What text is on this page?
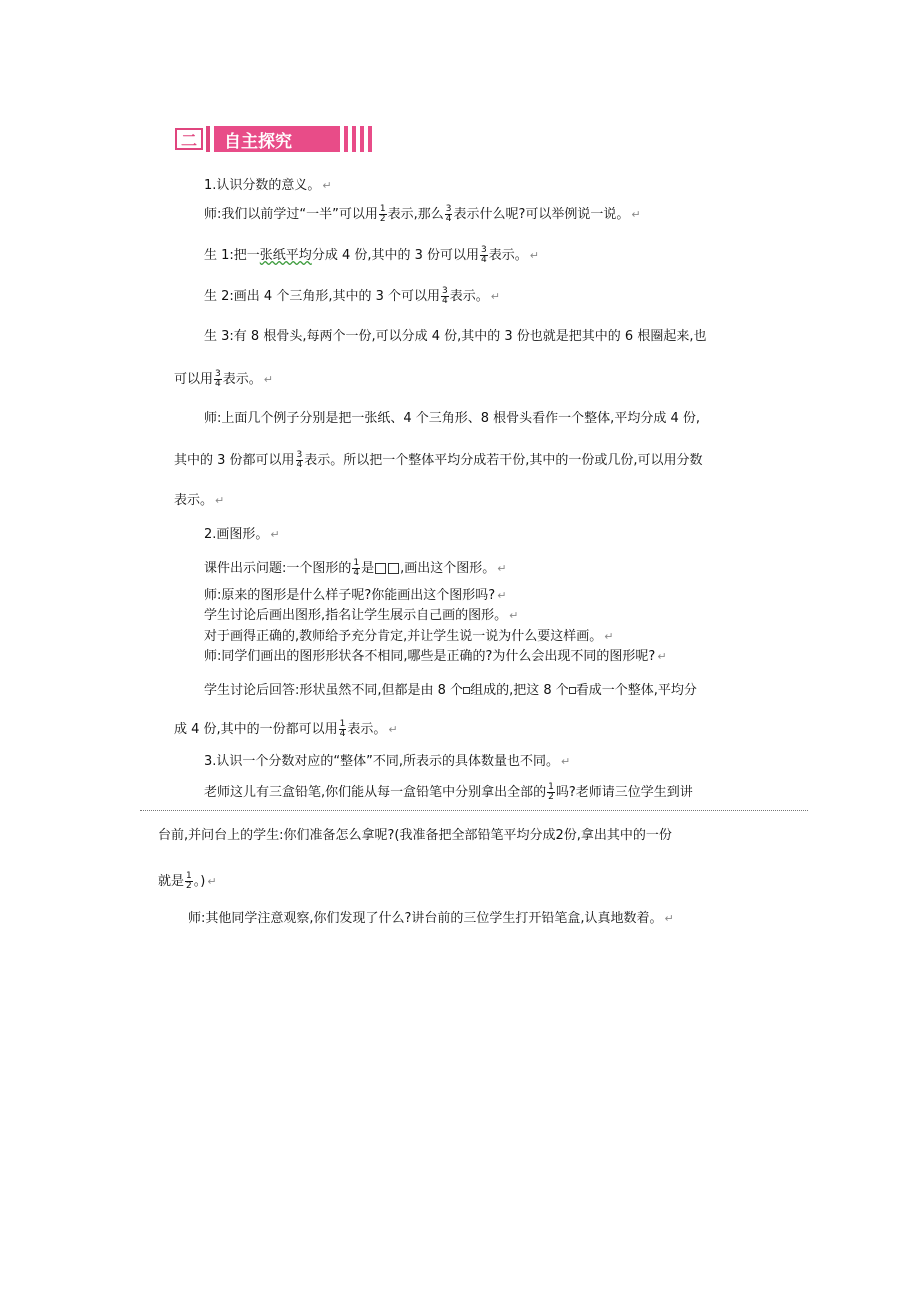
二	自主探究
1.认识分数的意义。 ↵
师:我们以前学过“一半”可以用 $\frac{1}{2}$ 表示,那么 $\frac{3}{4}$ 表示什么呢?可以举例说一说。 ↵
生 1:把一张纸平均分成 4 份,其中的 3 份可以用 $\frac{3}{4}$ 表示。 ↵
生 2:画出 4 个三角形,其中的 3 个可以用 $\frac{3}{4}$ 表示。 ↵
生 3:有 8 根骨头,每两个一份,可以分成 4 份,其中的 3 份也就是把其中的 6 根圈起来,也
可以用 $\frac{3}{4}$ 表示。 ↵
师:上面几个例子分别是把一张纸、4 个三角形、8 根骨头看作一个整体,平均分成 4 份,
其中的 3 份都可以用 $\frac{3}{4}$ 表示。所以把一个整体平均分成若干份,其中的一份或几份,可以用分数
表示。 ↵
2.画图形。 ↵
课件出示问题:一个图形的 $\frac{1}{4}$ 是 ,画出这个图形。 ↵
师:原来的图形是什么样子呢?你能画出这个图形吗? ↵
学生讨论后画出图形,指名让学生展示自己画的图形。 ↵
对于画得正确的,教师给予充分肯定,并让学生说一说为什么要这样画。 ↵
师:同学们画出的图形形状各不相同,哪些是正确的?为什么会出现不同的图形呢? ↵
学生讨论后回答:形状虽然不同,但都是由 8 个 组成的,把这 8 个 看成一个整体,平均分
成 4 份,其中的一份都可以用 $\frac{1}{4}$ 表示。 ↵
3.认识一个分数对应的“整体”不同,所表示的具体数量也不同。 ↵
老师这儿有三盒铅笔,你们能从每一盒铅笔中分别拿出全部的 $\frac{1}{2}$ 吗?老师请三位学生到讲
台前,并问台上的学生:你们准备怎么拿呢?(我准备把全部铅笔平均分成2份,拿出其中的一份
就是 $\frac{1}{2}$ 。) ↵
师:其他同学注意观察,你们发现了什么?讲台前的三位学生打开铅笔盒,认真地数着。 ↵
